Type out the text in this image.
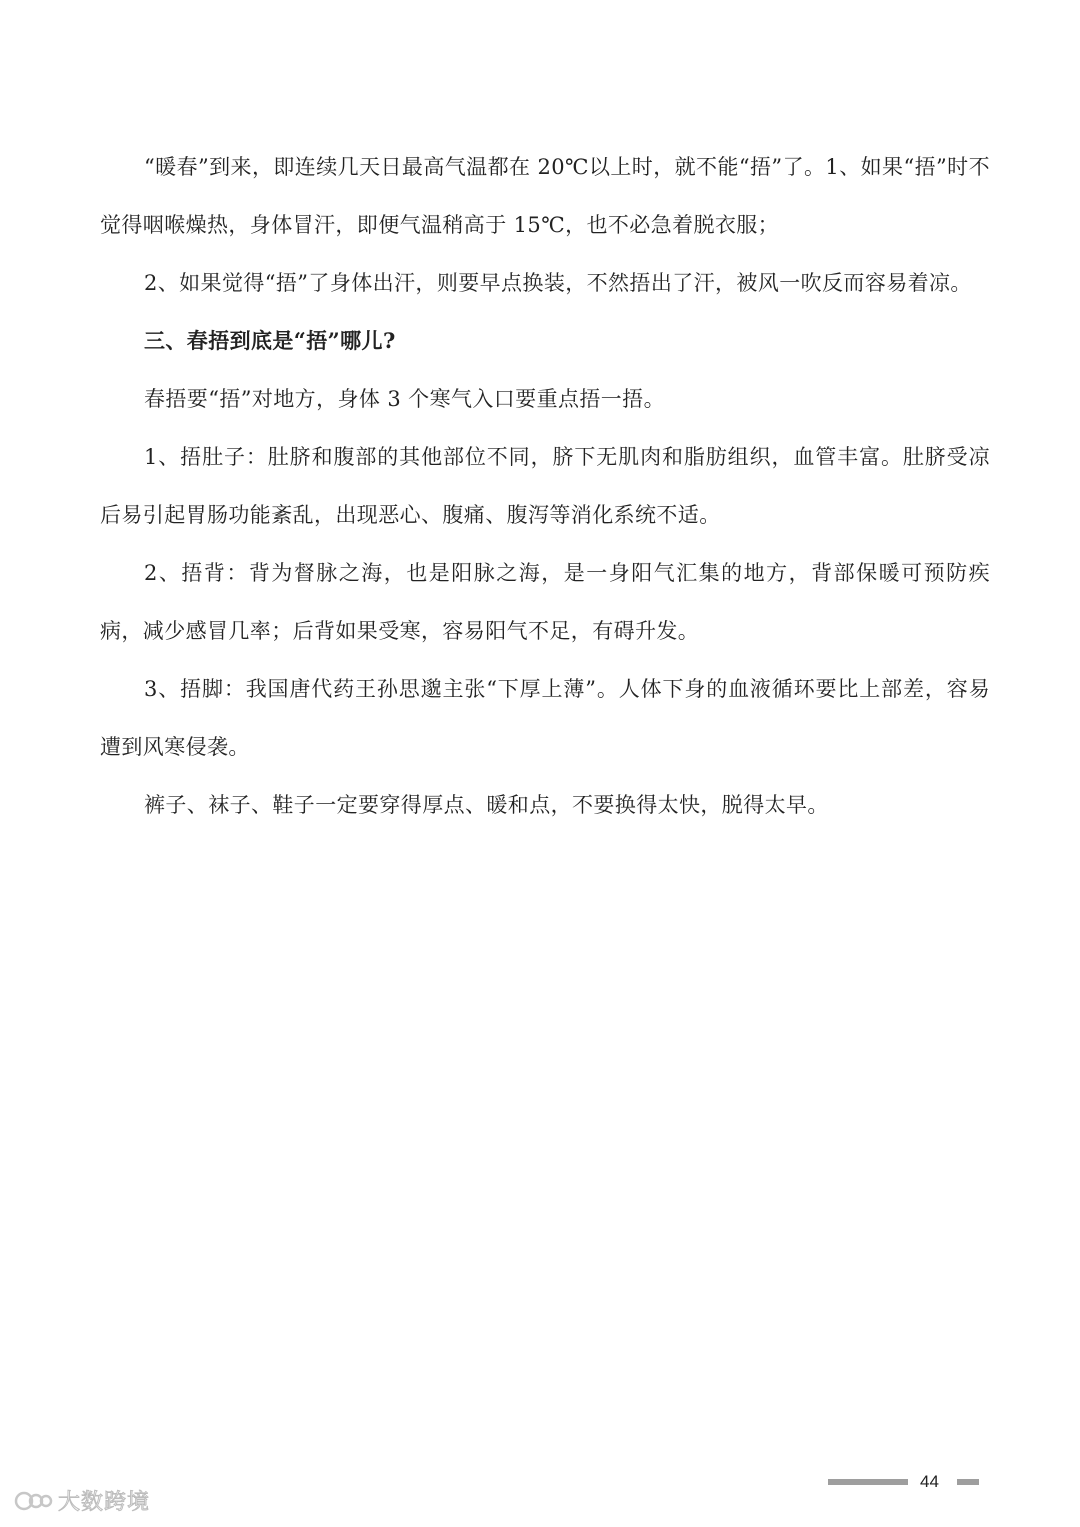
“暖春”到来，即连续几天日最高气温都在 20℃以上时，就不能“捂”了。1、如果“捂”时不觉得咽喉燥热，身体冒汗，即便气温稍高于 15℃，也不必急着脱衣服；

2、如果觉得“捂”了身体出汗，则要早点换装，不然捂出了汗，被风一吹反而容易着凉。

三、春捂到底是“捂”哪儿?

春捂要“捂”对地方，身体 3 个寒气入口要重点捂一捂。

1、捂肚子：肚脐和腹部的其他部位不同，脐下无肌肉和脂肪组织，血管丰富。肚脐受凉后易引起胃肠功能紊乱，出现恶心、腹痛、腹泻等消化系统不适。

2、捂背：背为督脉之海，也是阳脉之海，是一身阳气汇集的地方，背部保暖可预防疾病，减少感冒几率；后背如果受寒，容易阳气不足，有碍升发。

3、捂脚：我国唐代药王孙思邈主张“下厚上薄”。人体下身的血液循环要比上部差，容易遭到风寒侵袭。

裤子、袜子、鞋子一定要穿得厚点、暖和点，不要换得太快，脱得太早。

44
大数跨境
